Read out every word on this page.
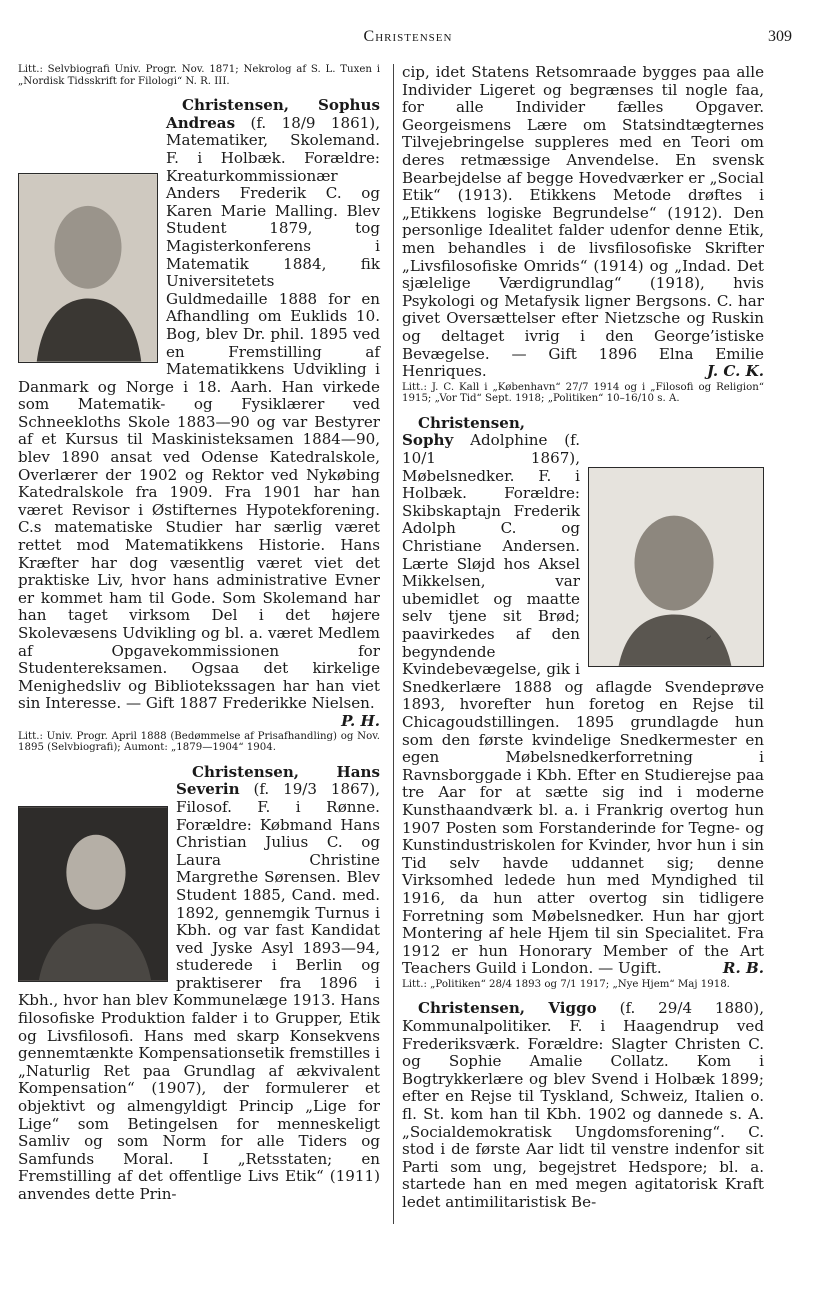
Christensen	309

Litt.: Selvbiografi Univ. Progr. Nov. 1871; Nekrolog af S. L. Tuxen i „Nordisk Tidsskrift for Filologi“ N. R. III.

Christensen, Sophus Andreas (f. 18/9 1861), Matematiker, Skolemand. F. i Holbæk. Forældre: Kreaturkommissionær Anders Frederik C. og Karen Marie Malling. Blev Student 1879, tog Magisterkonferens i Matematik 1884, fik Universitetets Guldmedaille 1888 for en Afhandling om Euklids 10. Bog, blev Dr. phil. 1895 ved en Fremstilling af Matematikkens Udvikling i Danmark og Norge i 18. Aarh. Han virkede som Matematik- og Fysiklærer ved Schneekloths Skole 1883—90 og var Bestyrer af et Kursus til Maskinisteksamen 1884—90, blev 1890 ansat ved Odense Katedralskole, Overlærer der 1902 og Rektor ved Nykøbing Katedralskole fra 1909. Fra 1901 har han været Revisor i Østifternes Hypotekforening. C.s matematiske Studier har særlig været rettet mod Matematikkens Historie. Hans Kræfter har dog væsentlig været viet det praktiske Liv, hvor hans administrative Evner er kommet ham til Gode. Som Skolemand har han taget virksom Del i det højere Skolevæsens Udvikling og bl. a. været Medlem af Opgavekommissionen for Studentereksamen. Ogsaa det kirkelige Menighedsliv og Bibliotekssagen har han viet sin Interesse. — Gift 1887 Frederikke Nielsen.
P. H.

Litt.: Univ. Progr. April 1888 (Bedømmelse af Prisafhandling) og Nov. 1895 (Selvbiografi); Aumont: „1879—1904“ 1904.

Christensen, Hans Severin (f. 19/3 1867), Filosof. F. i Rønne. Forældre: Købmand Hans Christian Julius C. og Laura Christine Margrethe Sørensen. Blev Student 1885, Cand. med. 1892, gennemgik Turnus i Kbh. og var fast Kandidat ved Jyske Asyl 1893—94, studerede i Berlin og praktiserer fra 1896 i Kbh., hvor han blev Kommunelæge 1913. Hans filosofiske Produktion falder i to Grupper, Etik og Livsfilosofi. Hans med skarp Konsekvens gennemtænkte Kompensationsetik fremstilles i „Naturlig Ret paa Grundlag af ækvivalent Kompensation“ (1907), der formulerer et objektivt og almengyldigt Princip „Lige for Lige“ som Betingelsen for menneskeligt Samliv og som Norm for alle Tiders og Samfunds Moral. I „Retsstaten; en Fremstilling af det offentlige Livs Etik“ (1911) anvendes dette Prin-

cip, idet Statens Retsomraade bygges paa alle Individer Ligeret og begrænses til nogle faa, for alle Individer fælles Opgaver. Georgeismens Lære om Statsindtægternes Tilvejebringelse suppleres med en Teori om deres retmæssige Anvendelse. En svensk Bearbejdelse af begge Hovedværker er „Social Etik“ (1913). Etikkens Metode drøftes i „Etikkens logiske Begrundelse“ (1912). Den personlige Idealitet falder udenfor denne Etik, men behandles i de livsfilosofiske Skrifter „Livsfilosofiske Omrids“ (1914) og „Indad. Det sjælelige Værdigrundlag“ (1918), hvis Psykologi og Metafysik ligner Bergsons. C. har givet Oversættelser efter Nietzsche og Ruskin og deltaget ivrig i den George’istiske Bevægelse. — Gift 1896 Elna Emilie Henriques.	J. C. K.

Litt.: J. C. Kall i „København“ 27/7 1914 og i „Filosofi og Religion“ 1915; „Vor Tid“ Sept. 1918; „Politiken“ 10–16/10 s. A.

~
Christensen, Sophy Adolphine (f. 10/1 1867), Møbelsnedker. F. i Holbæk. Forældre: Skibskaptajn Frederik Adolph C. og Christiane Andersen. Lærte Sløjd hos Aksel Mikkelsen, var ubemidlet og maatte selv tjene sit Brød; paavirkedes af den begyndende Kvindebevægelse, gik i Snedkerlære 1888 og aflagde Svendeprøve 1893, hvorefter hun foretog en Rejse til Chicagoudstillingen. 1895 grundlagde hun som den første kvindelige Snedkermester en egen Møbelsnedkerforretning i Ravnsborggade i Kbh. Efter en Studierejse paa tre Aar for at sætte sig ind i moderne Kunsthaandværk bl. a. i Frankrig overtog hun 1907 Posten som Forstanderinde for Tegne- og Kunstindustriskolen for Kvinder, hvor hun i sin Tid selv havde uddannet sig; denne Virksomhed ledede hun med Myndighed til 1916, da hun atter overtog sin tidligere Forretning som Møbelsnedker. Hun har gjort Montering af hele Hjem til sin Specialitet. Fra 1912 er hun Honorary Member of the Art Teachers Guild i London. — Ugift.	R. B.

Litt.: „Politiken“ 28/4 1893 og 7/1 1917; „Nye Hjem“ Maj 1918.

Christensen, Viggo (f. 29/4 1880), Kommunalpolitiker. F. i Haagendrup ved Frederiksværk. Forældre: Slagter Christen C. og Sophie Amalie Collatz. Kom i Bogtrykkerlære og blev Svend i Holbæk 1899; efter en Rejse til Tyskland, Schweiz, Italien o. fl. St. kom han til Kbh. 1902 og dannede s. A. „Socialdemokratisk Ungdomsforening“. C. stod i de første Aar lidt til venstre indenfor sit Parti som ung, begejstret Hedspore; bl. a. startede han en med megen agitatorisk Kraft ledet antimilitaristisk Be-
